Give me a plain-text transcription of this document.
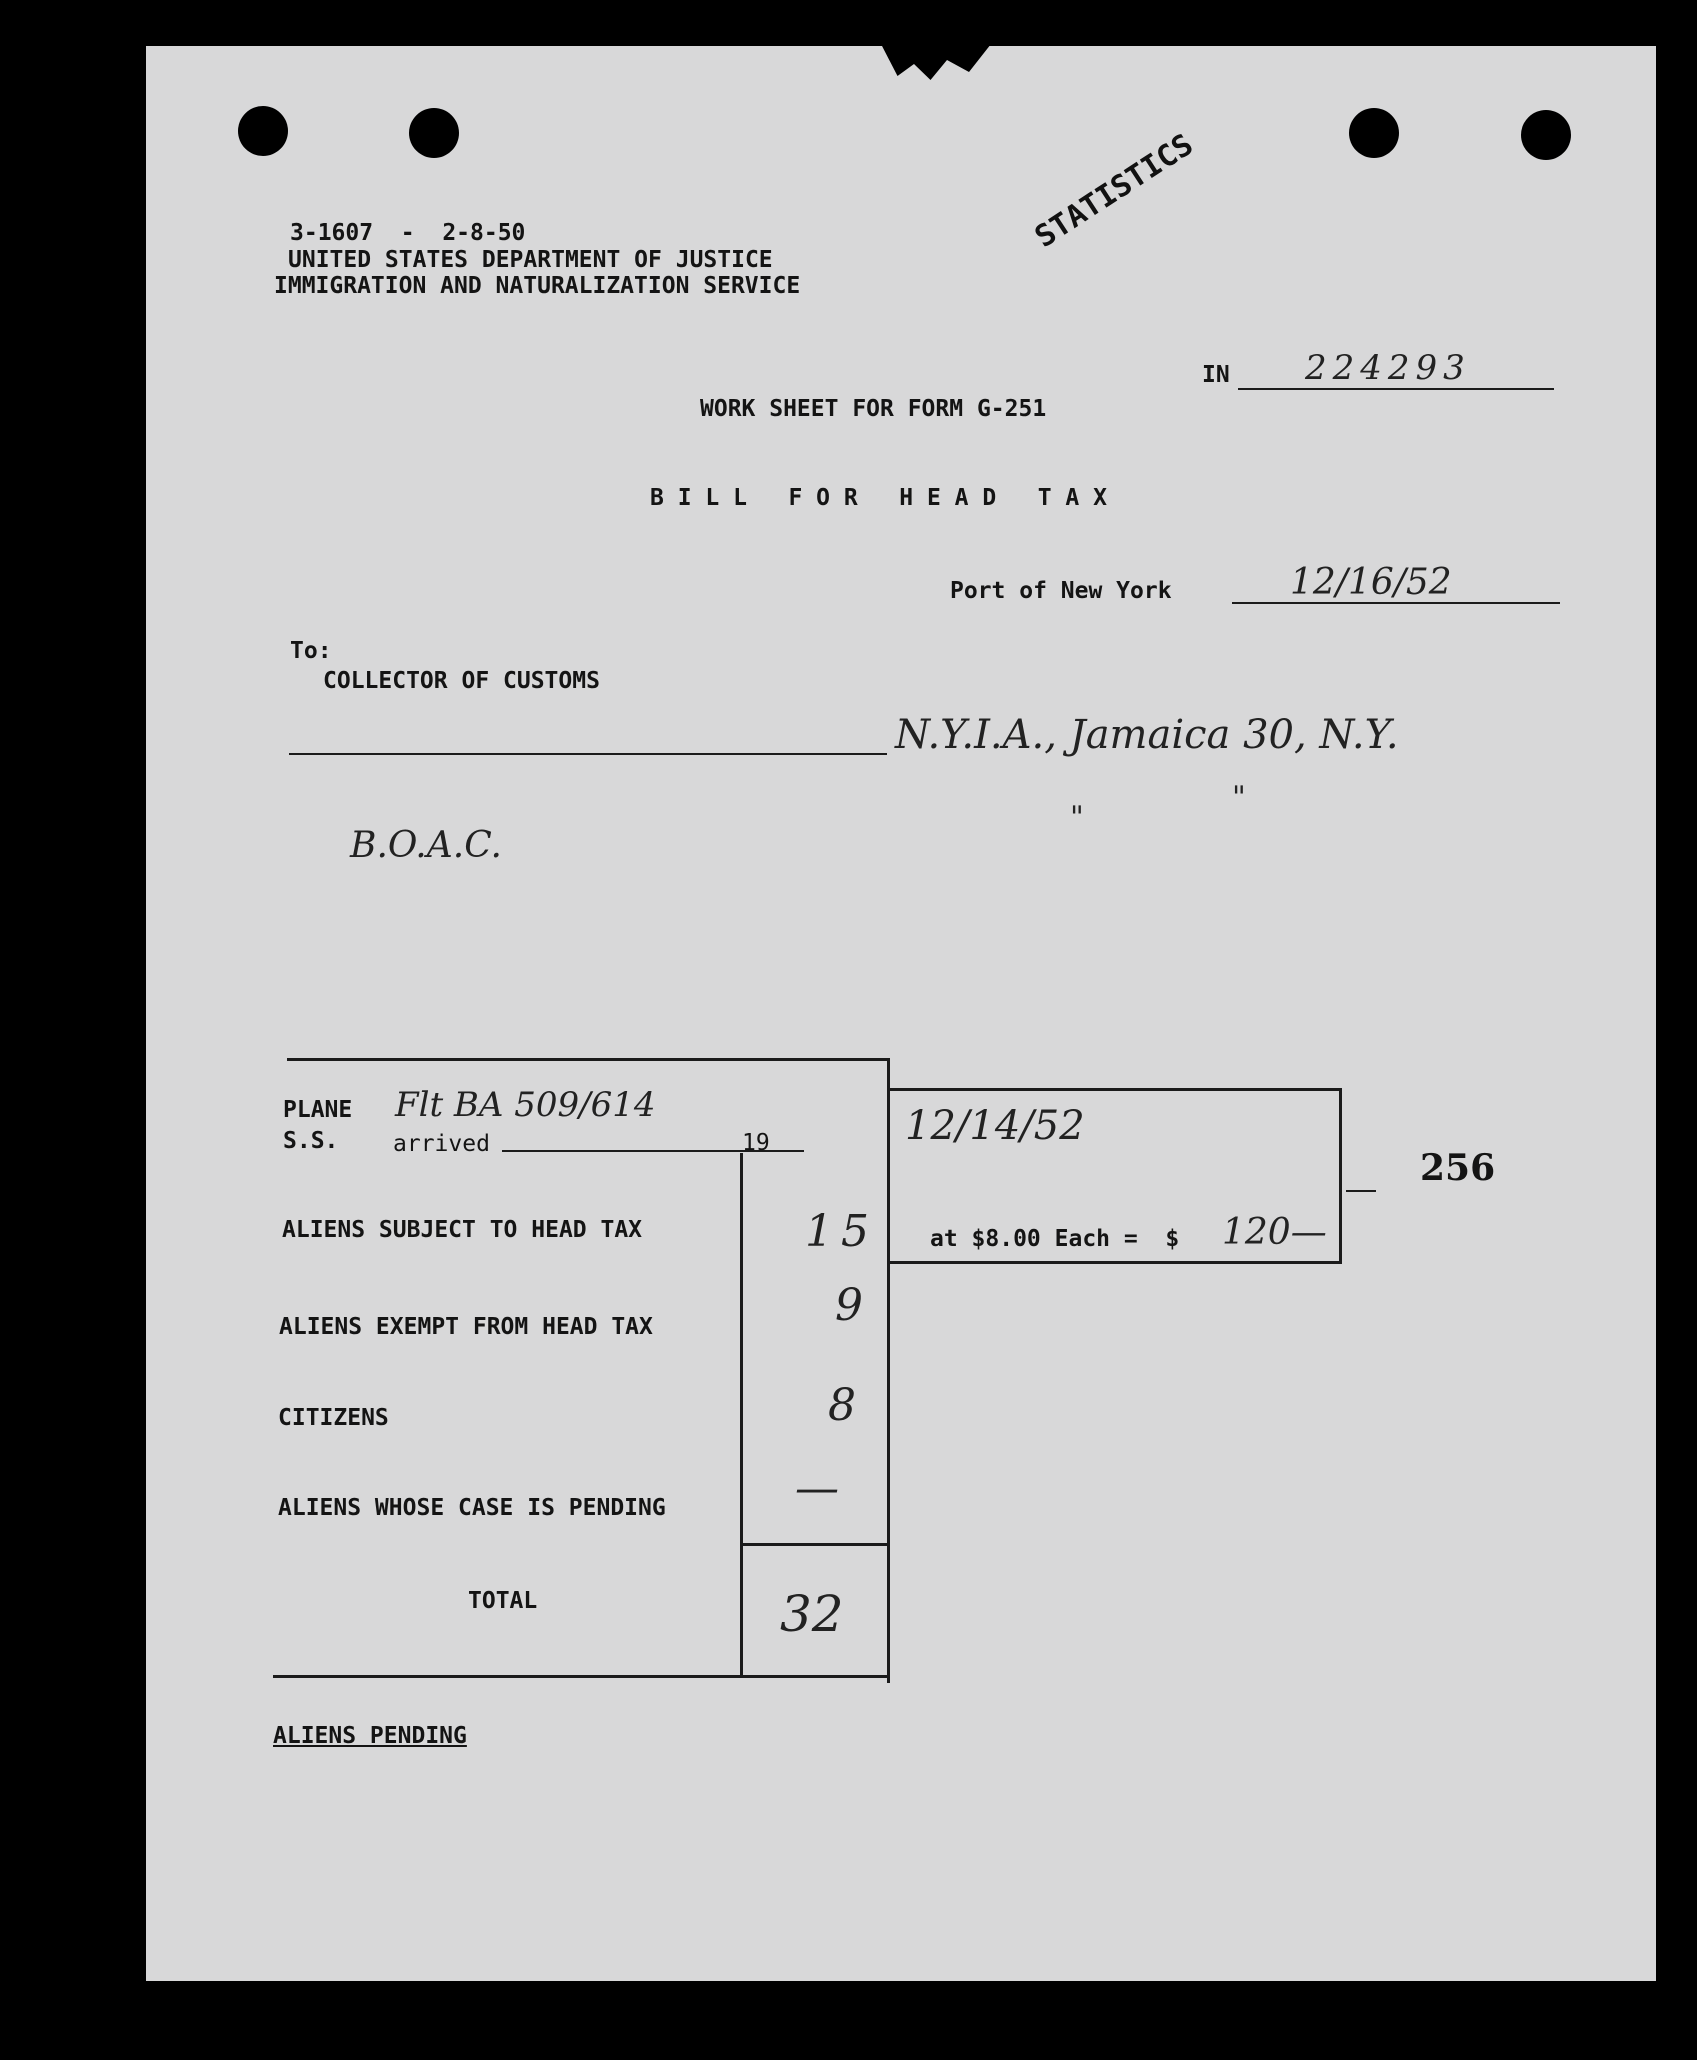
3-1607  -  2-8-50
UNITED STATES DEPARTMENT OF JUSTICE
IMMIGRATION AND NATURALIZATION SERVICE
STATISTICS
IN 224293
WORK SHEET FOR FORM G-251
B I L L   F O R   H E A D   T A X
Port of New York	12/16/52
To:
COLLECTOR OF CUSTOMS
N.Y.I.A., Jamaica 30, N.Y.
"
"
B.O.A.C.
PLANE
S.S. arrived
Flt BA 509/614
19	12/14/52
ALIENS SUBJECT TO HEAD TAX	15 at $8.00 Each =  $ 120—
256
ALIENS EXEMPT FROM HEAD TAX	9
CITIZENS	8
ALIENS WHOSE CASE IS PENDING	—
TOTAL	32
ALIENS PENDING
